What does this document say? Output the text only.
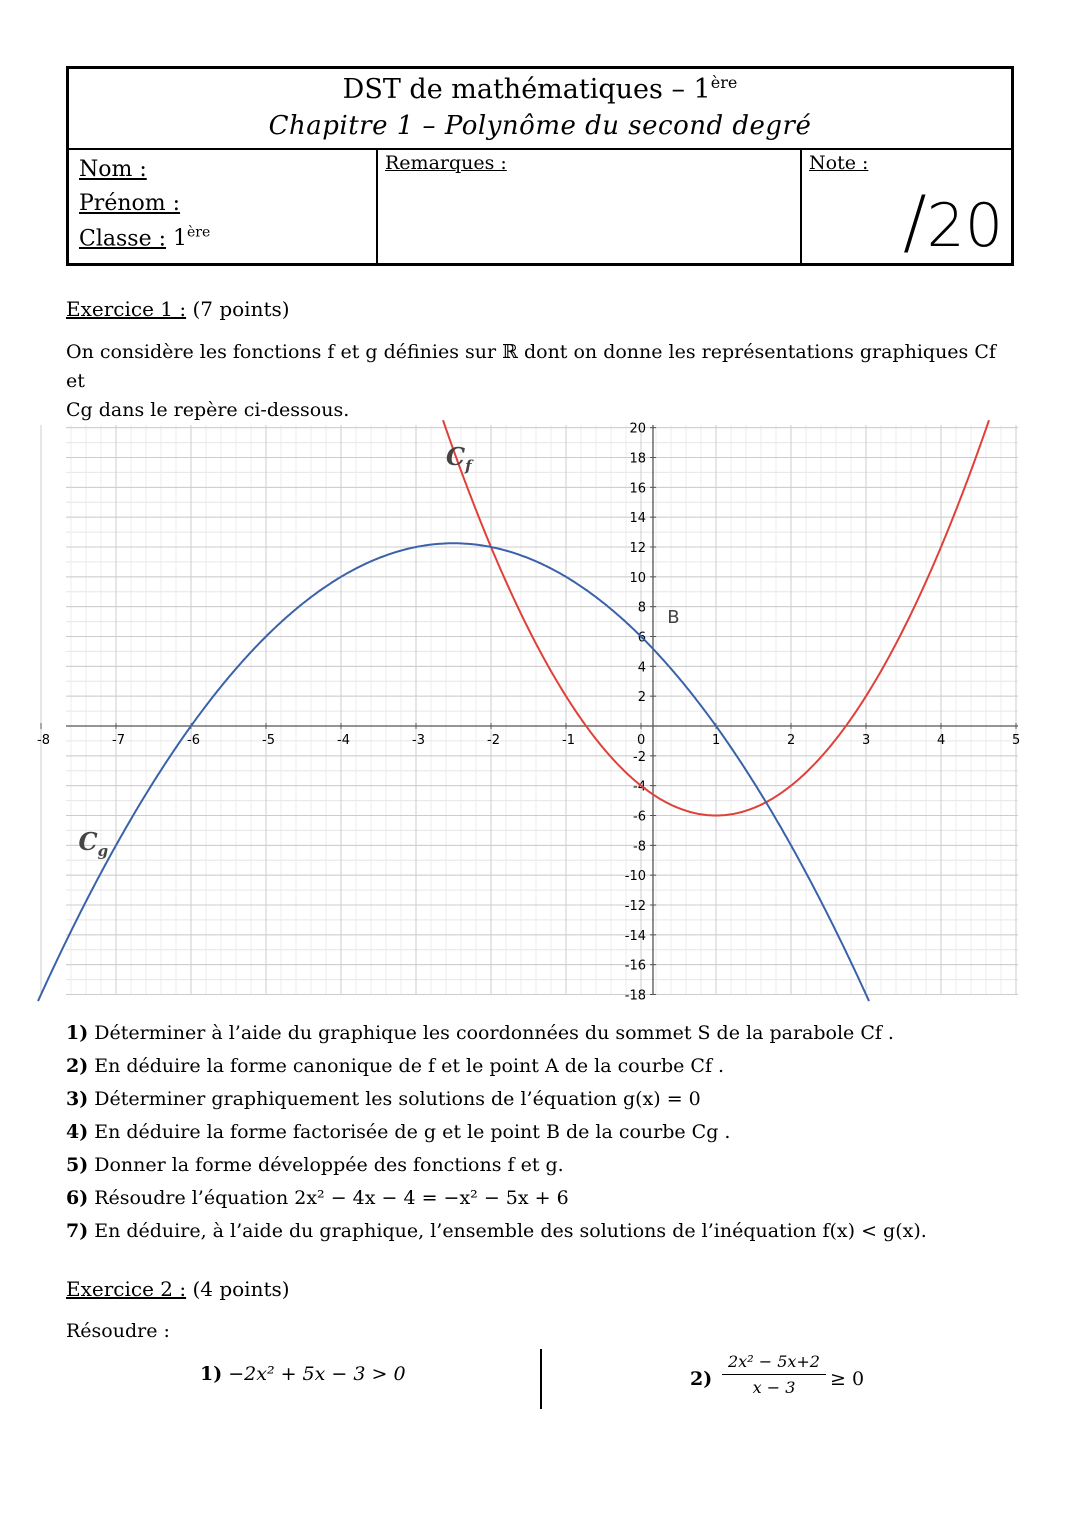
DST de mathématiques – 1ère
Chapitre 1 – Polynôme du second degré
Nom :
Prénom :
Classe : 1ère
Remarques :	Note :
/20
Exercice 1 : (7 points)
On considère les fonctions f et g définies sur ℝ dont on donne les représentations graphiques Cf et
Cg dans le repère ci-dessous.
-8	-7	-6	-5	-4	-3	-2	-1	0	1	2	3	4	5
20
18
16
14
12
10
8
6
4
2
-2
-4
-6
-8
-10
-12
-14
-16
-18
$C_f$
$C_g$
B
1) Déterminer à l’aide du graphique les coordonnées du sommet S de la parabole Cf .
2) En déduire la forme canonique de f et le point A de la courbe Cf .
3) Déterminer graphiquement les solutions de l’équation g(x) = 0
4) En déduire la forme factorisée de g et le point B de la courbe Cg .
5) Donner la forme développée des fonctions f et g.
6) Résoudre l’équation 2x² − 4x − 4 = −x² − 5x + 6
7) En déduire, à l’aide du graphique, l’ensemble des solutions de l’inéquation f(x) < g(x).
Exercice 2 : (4 points)
Résoudre :
1) −2x² + 5x − 3 > 0	2)
2x² − 5x+2
x − 3	≥ 0
